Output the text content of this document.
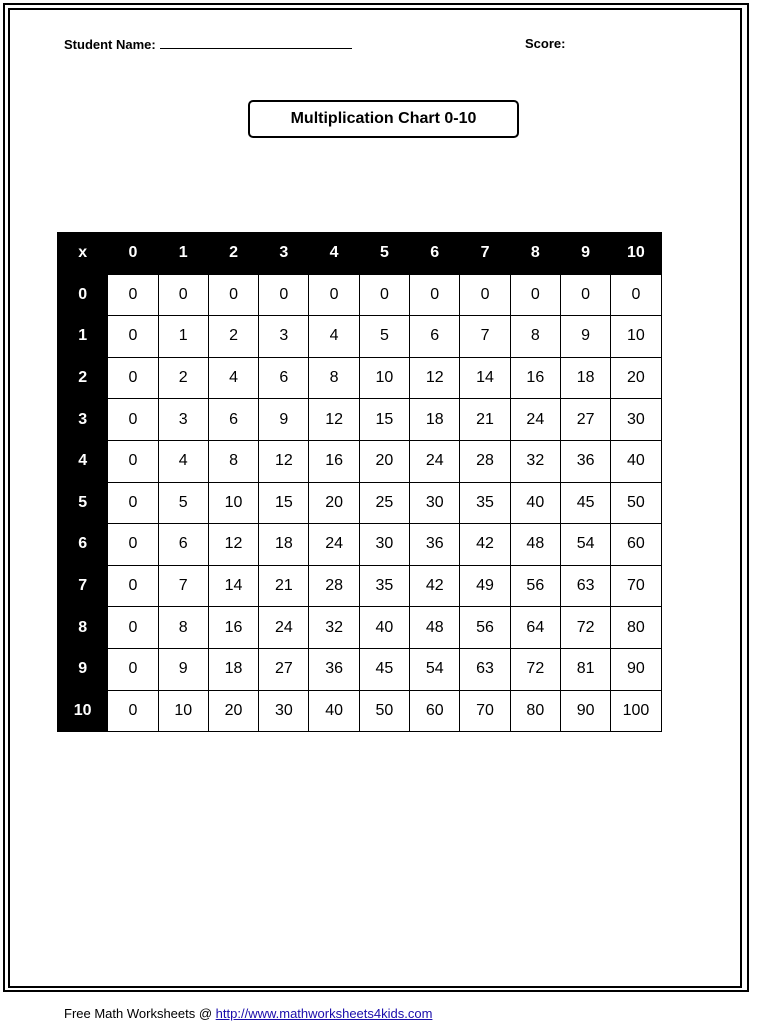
Student Name:	Score:
Multiplication Chart 0-10
x	0	1	2	3	4	5	6	7	8	9	10
0	0	0	0	0	0	0	0	0	0	0	0
1	0	1	2	3	4	5	6	7	8	9	10
2	0	2	4	6	8	10	12	14	16	18	20
3	0	3	6	9	12	15	18	21	24	27	30
4	0	4	8	12	16	20	24	28	32	36	40
5	0	5	10	15	20	25	30	35	40	45	50
6	0	6	12	18	24	30	36	42	48	54	60
7	0	7	14	21	28	35	42	49	56	63	70
8	0	8	16	24	32	40	48	56	64	72	80
9	0	9	18	27	36	45	54	63	72	81	90
10	0	10	20	30	40	50	60	70	80	90	100
Free Math Worksheets @ http://www.mathworksheets4kids.com
